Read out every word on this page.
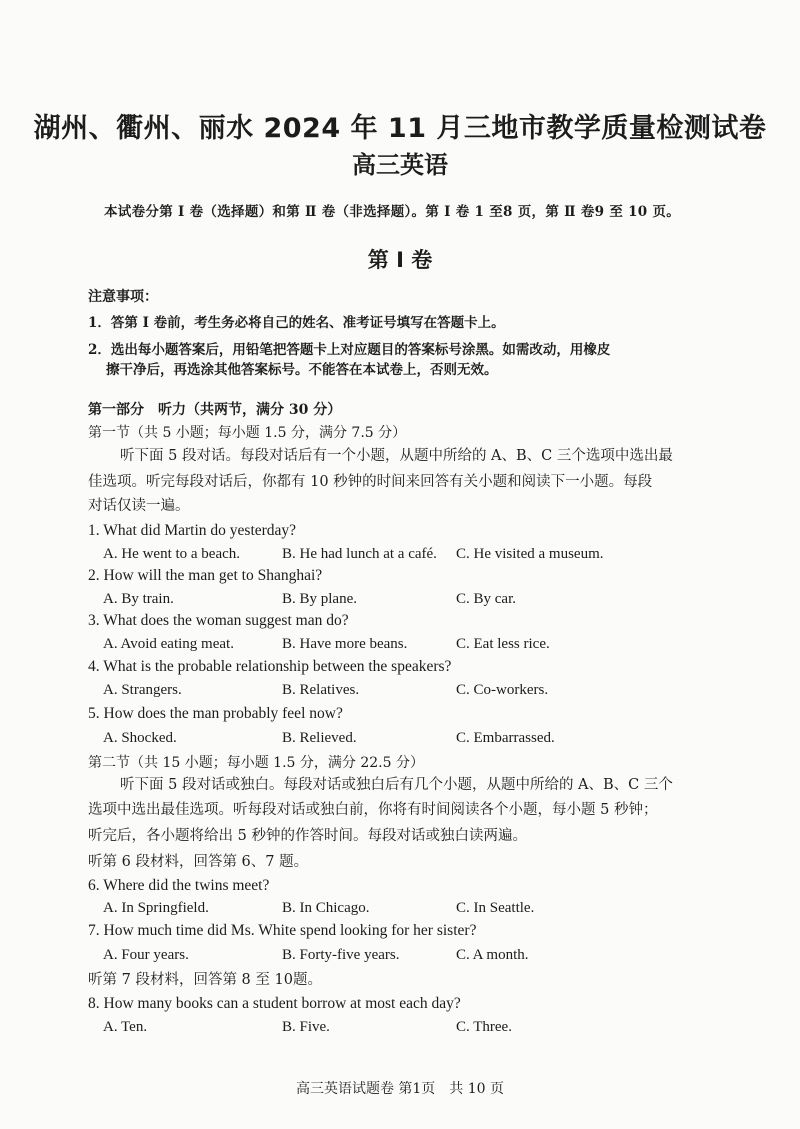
湖州、衢州、丽水 2024 年 11 月三地市教学质量检测试卷
高三英语
本试卷分第 Ⅰ 卷（选择题）和第 Ⅱ 卷（非选择题）。第 Ⅰ 卷 1 至8 页，第 Ⅱ 卷9 至 10 页。
第 Ⅰ 卷
注意事项：
1．答第 Ⅰ 卷前，考生务必将自己的姓名、准考证号填写在答题卡上。
2．选出每小题答案后，用铅笔把答题卡上对应题目的答案标号涂黑。如需改动，用橡皮
擦干净后，再选涂其他答案标号。不能答在本试卷上，否则无效。
第一部分　听力（共两节，满分 30 分）
第一节（共 5 小题；每小题 1.5 分，满分 7.5 分）
听下面 5 段对话。每段对话后有一个小题，从题中所给的 A、B、C 三个选项中选出最
佳选项。听完每段对话后，你都有 10 秒钟的时间来回答有关小题和阅读下一小题。每段
对话仅读一遍。
1. What did Martin do yesterday?
A. He went to a beach.	B. He had lunch at a café. C. He visited a museum.
2. How will the man get to Shanghai?
A. By train.	B. By plane.	C. By car.
3. What does the woman suggest man do?
A. Avoid eating meat.	B. Have more beans.	C. Eat less rice.
4. What is the probable relationship between the speakers?
A. Strangers.	B. Relatives.	C. Co-workers.
5. How does the man probably feel now?
A. Shocked.	B. Relieved.	C. Embarrassed.
第二节（共 15 小题；每小题 1.5 分，满分 22.5 分）
听下面 5 段对话或独白。每段对话或独白后有几个小题，从题中所给的 A、B、C 三个
选项中选出最佳选项。听每段对话或独白前，你将有时间阅读各个小题，每小题 5 秒钟；
听完后，各小题将给出 5 秒钟的作答时间。每段对话或独白读两遍。
听第 6 段材料，回答第 6、7 题。
6. Where did the twins meet?
A. In Springfield.	B. In Chicago.	C. In Seattle.
7. How much time did Ms. White spend looking for her sister?
A. Four years.	B. Forty-five years.	C. A month.
听第 7 段材料，回答第 8 至 10题。
8. How many books can a student borrow at most each day?
A. Ten.	B. Five.	C. Three.
高三英语试题卷 第1页　共 10 页
